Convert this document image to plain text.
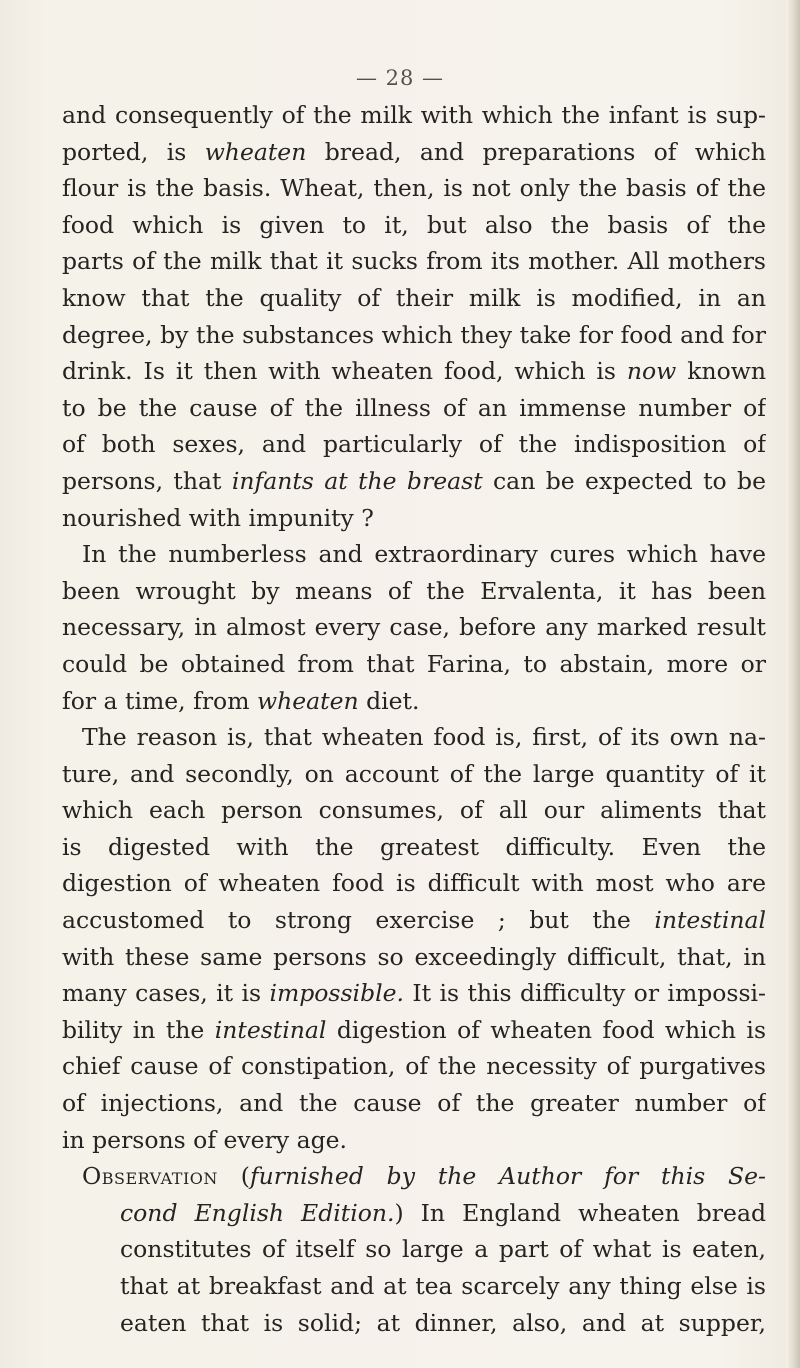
— 28 —
and consequently of the milk with which the infant is sup-
ported, is wheaten bread, and preparations of which
flour is the basis. Wheat, then, is not only the basis of the
food which is given to it, but also the basis of the
parts of the milk that it sucks from its mother. All mothers
know that the quality of their milk is modified, in an
degree, by the substances which they take for food and for
drink. Is it then with wheaten food, which is now known
to be the cause of the illness of an immense number of
of both sexes, and particularly of the indisposition of
persons, that infants at the breast can be expected to be
nourished with impunity ?
In the numberless and extraordinary cures which have
been wrought by means of the Ervalenta, it has been
necessary, in almost every case, before any marked result
could be obtained from that Farina, to abstain, more or
for a time, from wheaten diet.
The reason is, that wheaten food is, first, of its own na-
ture, and secondly, on account of the large quantity of it
which each person consumes, of all our aliments that
is digested with the greatest difficulty. Even the
digestion of wheaten food is difficult with most who are
accustomed to strong exercise ; but the intestinal
with these same persons so exceedingly difficult, that, in
many cases, it is impossible. It is this difficulty or impossi-
bility in the intestinal digestion of wheaten food which is
chief cause of constipation, of the necessity of purgatives
of injections, and the cause of the greater number of
in persons of every age.
Observation (furnished by the Author for this Se-
cond English Edition.) In England wheaten bread
constitutes of itself so large a part of what is eaten,
that at breakfast and at tea scarcely any thing else is
eaten that is solid; at dinner, also, and at supper,
